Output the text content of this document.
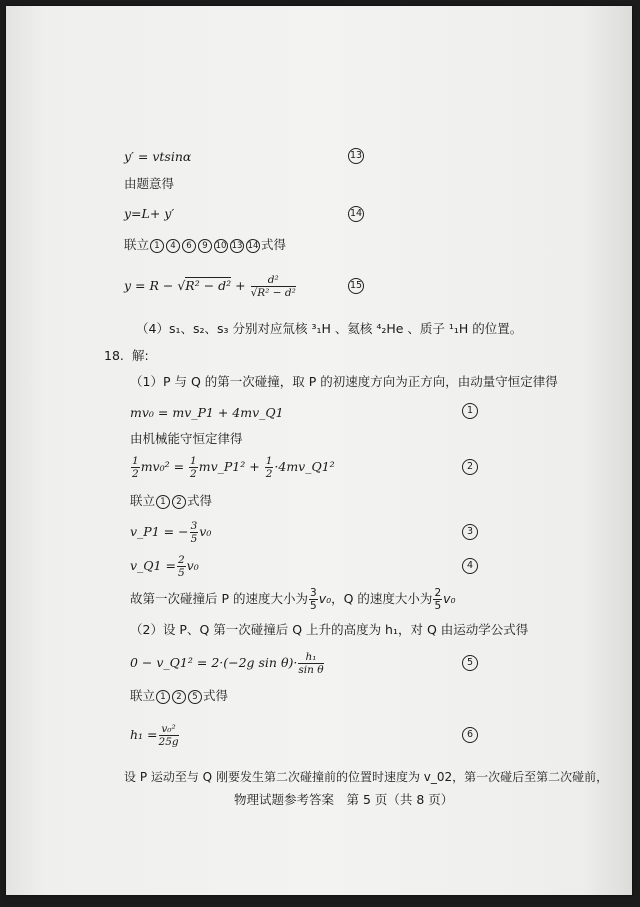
y′ = vtsinα	13
由题意得
y=L+ y′	14
联立 1 4 6 9 10 13 14 式得
$y = R - √R^2 - d^2 + \frac{\text{d²}}{\text{√R² − d²}}$	15
（4）s₁、s₂、s₃ 分别对应氚核 ³₁H 、氦核 ⁴₂He 、质子 ¹₁H 的位置。
18. 解:
（1）P 与 Q 的第一次碰撞，取 P 的初速度方向为正方向，由动量守恒定律得
mv₀ = mv_P1 + 4mv_Q1	1
由机械能守恒定律得
$\frac{1}{2} mv_0^2 = \frac{1}{2}$ mv_P1² + $\frac{1}{2}$ ·4mv_Q1²	2
联立 1 2 式得
v_P1 = − $\frac{3}{5} v_0$	3
v_Q1 = $\frac{2}{5} v_0$	4
故第一次碰撞后 P 的速度大小为 $\frac{3}{5} v_0$，Q 的速度大小为 $\frac{2}{5} v_0$
（2）设 P、Q 第一次碰撞后 Q 上升的高度为 h₁，对 Q 由运动学公式得
0 − v_Q1² = 2·(−2g $\sin \theta)\cdot \frac{\text{h₁}}{\text{sin θ}}$	5
联立 1 2 5 式得
$h_1 = \frac{\text{v₀²}}{25g}$	6
设 P 运动至与 Q 刚要发生第二次碰撞前的位置时速度为 v_02，第一次碰后至第二次碰前，
物理试题参考答案　第 5 页（共 8 页）
